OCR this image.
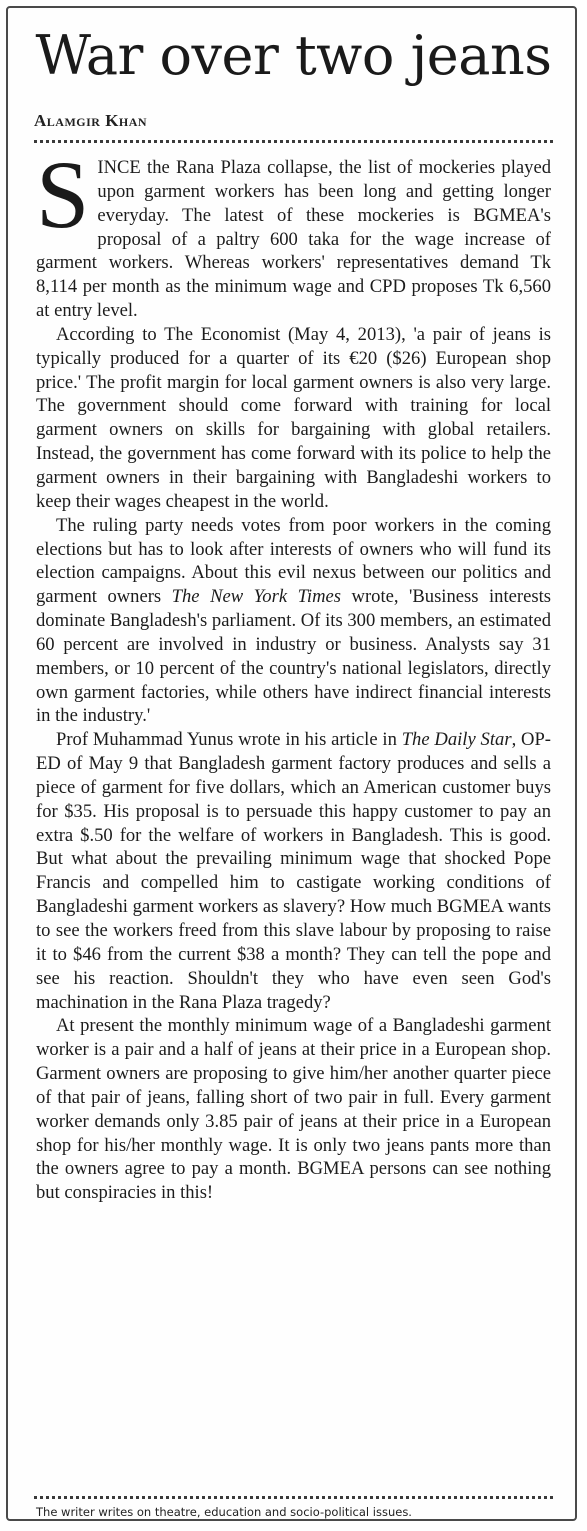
War over two jeans
Alamgir Khan

SINCE the Rana Plaza collapse, the list of mockeries played upon garment workers has been long and getting longer everyday. The latest of these mockeries is BGMEA's proposal of a paltry 600 taka for the wage increase of garment workers. Whereas workers' representatives demand Tk 8,114 per month as the minimum wage and CPD proposes Tk 6,560 at entry level.

According to The Economist (May 4, 2013), 'a pair of jeans is typically produced for a quarter of its €20 ($26) European shop price.' The profit margin for local garment owners is also very large. The government should come forward with training for local garment owners on skills for bargaining with global retailers. Instead, the government has come forward with its police to help the garment owners in their bargaining with Bangladeshi workers to keep their wages cheapest in the world.

The ruling party needs votes from poor workers in the coming elections but has to look after interests of owners who will fund its election campaigns. About this evil nexus between our politics and garment owners The New York Times wrote, 'Business interests dominate Bangladesh's parliament. Of its 300 members, an estimated 60 percent are involved in industry or business. Analysts say 31 members, or 10 percent of the country's national legislators, directly own garment factories, while others have indirect financial interests in the industry.'

Prof Muhammad Yunus wrote in his article in The Daily Star, OP-ED of May 9 that Bangladesh garment factory produces and sells a piece of garment for five dollars, which an American customer buys for $35. His proposal is to persuade this happy customer to pay an extra $.50 for the welfare of workers in Bangladesh. This is good. But what about the prevailing minimum wage that shocked Pope Francis and compelled him to castigate working conditions of Bangladeshi garment workers as slavery? How much BGMEA wants to see the workers freed from this slave labour by proposing to raise it to $46 from the current $38 a month? They can tell the pope and see his reaction. Shouldn't they who have even seen God's machination in the Rana Plaza tragedy?

At present the monthly minimum wage of a Bangladeshi garment worker is a pair and a half of jeans at their price in a European shop. Garment owners are proposing to give him/her another quarter piece of that pair of jeans, falling short of two pair in full. Every garment worker demands only 3.85 pair of jeans at their price in a European shop for his/her monthly wage. It is only two jeans pants more than the owners agree to pay a month. BGMEA persons can see nothing but conspiracies in this!

The writer writes on theatre, education and socio-political issues.
